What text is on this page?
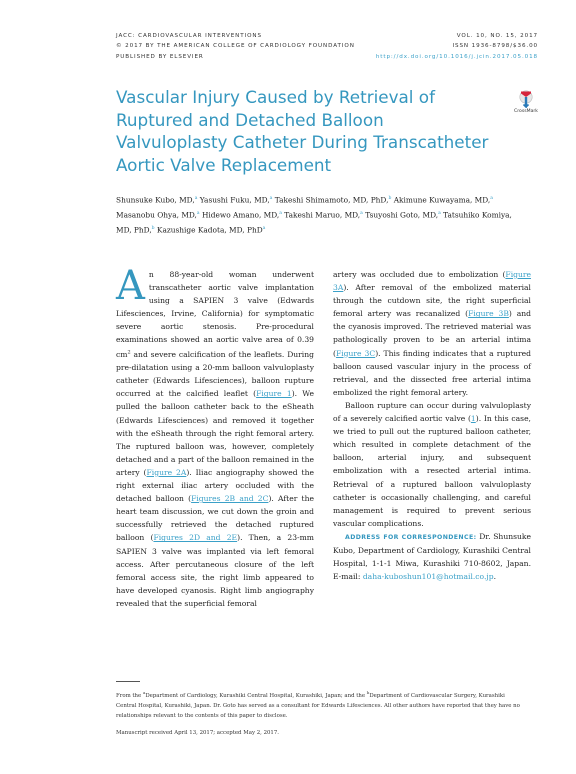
JACC: CARDIOVASCULAR INTERVENTIONS
© 2017 BY THE AMERICAN COLLEGE OF CARDIOLOGY FOUNDATION
PUBLISHED BY ELSEVIER
VOL. 10, NO. 15, 2017
ISSN 1936-8798/$36.00
http://dx.doi.org/10.1016/j.jcin.2017.05.018
CrossMark
Vascular Injury Caused by Retrieval of Ruptured and Detached Balloon Valvuloplasty Catheter During Transcatheter Aortic Valve Replacement
Shunsuke Kubo, MD,$^a$ Yasushi Fuku, MD,$^a$ Takeshi Shimamoto, MD, PhD,$^b$ Akimune Kuwayama, MD,$^a$ Masanobu Ohya, MD,$^a$ Hidewo Amano, MD,$^a$ Takeshi Maruo, MD,$^a$ Tsuyoshi Goto, MD,$^a$ Tatsuhiko Komiya, MD, PhD,$^b$ Kazushige Kadota, MD, PhD$^a$

An 88-year-old woman underwent transcatheter aortic valve implantation using a SAPIEN 3 valve (Edwards Lifesciences, Irvine, California) for symptomatic severe aortic stenosis. Pre-procedural examinations showed an aortic valve area of 0.39 $cm^2$ and severe calcification of the leaflets. During pre-dilatation using a 20-mm balloon valvuloplasty catheter (Edwards Lifesciences), balloon rupture occurred at the calcified leaflet (Figure 1). We pulled the balloon catheter back to the eSheath (Edwards Lifesciences) and removed it together with the eSheath through the right femoral artery. The ruptured balloon was, however, completely detached and a part of the balloon remained in the artery (Figure 2A). Iliac angiography showed the right external iliac artery occluded with the detached balloon (Figures 2B and 2C). After the heart team discussion, we cut down the groin and successfully retrieved the detached ruptured balloon (Figures 2D and 2E). Then, a 23-mm SAPIEN 3 valve was implanted via left femoral access. After percutaneous closure of the left femoral access site, the right limb appeared to have developed cyanosis. Right limb angiography revealed that the superficial femoral

artery was occluded due to embolization (Figure 3A). After removal of the embolized material through the cutdown site, the right superficial femoral artery was recanalized (Figure 3B) and the cyanosis improved. The retrieved material was pathologically proven to be an arterial intima (Figure 3C). This finding indicates that a ruptured balloon caused vascular injury in the process of retrieval, and the dissected free arterial intima embolized the right femoral artery.

Balloon rupture can occur during valvuloplasty of a severely calcified aortic valve (1). In this case, we tried to pull out the ruptured balloon catheter, which resulted in complete detachment of the balloon, arterial injury, and subsequent embolization with a resected arterial intima. Retrieval of a ruptured balloon valvuloplasty catheter is occasionally challenging, and careful management is required to prevent serious vascular complications.

ADDRESS FOR CORRESPONDENCE: Dr. Shunsuke Kubo, Department of Cardiology, Kurashiki Central Hospital, 1-1-1 Miwa, Kurashiki 710-8602, Japan. E-mail: daha-kuboshun101@hotmail.co.jp.

From the $^a$Department of Cardiology, Kurashiki Central Hospital, Kurashiki, Japan; and the $^b$Department of Cardiovascular Surgery, Kurashiki Central Hospital, Kurashiki, Japan. Dr. Goto has served as a consultant for Edwards Lifesciences. All other authors have reported that they have no relationships relevant to the contents of this paper to disclose.

Manuscript received April 13, 2017; accepted May 2, 2017.
